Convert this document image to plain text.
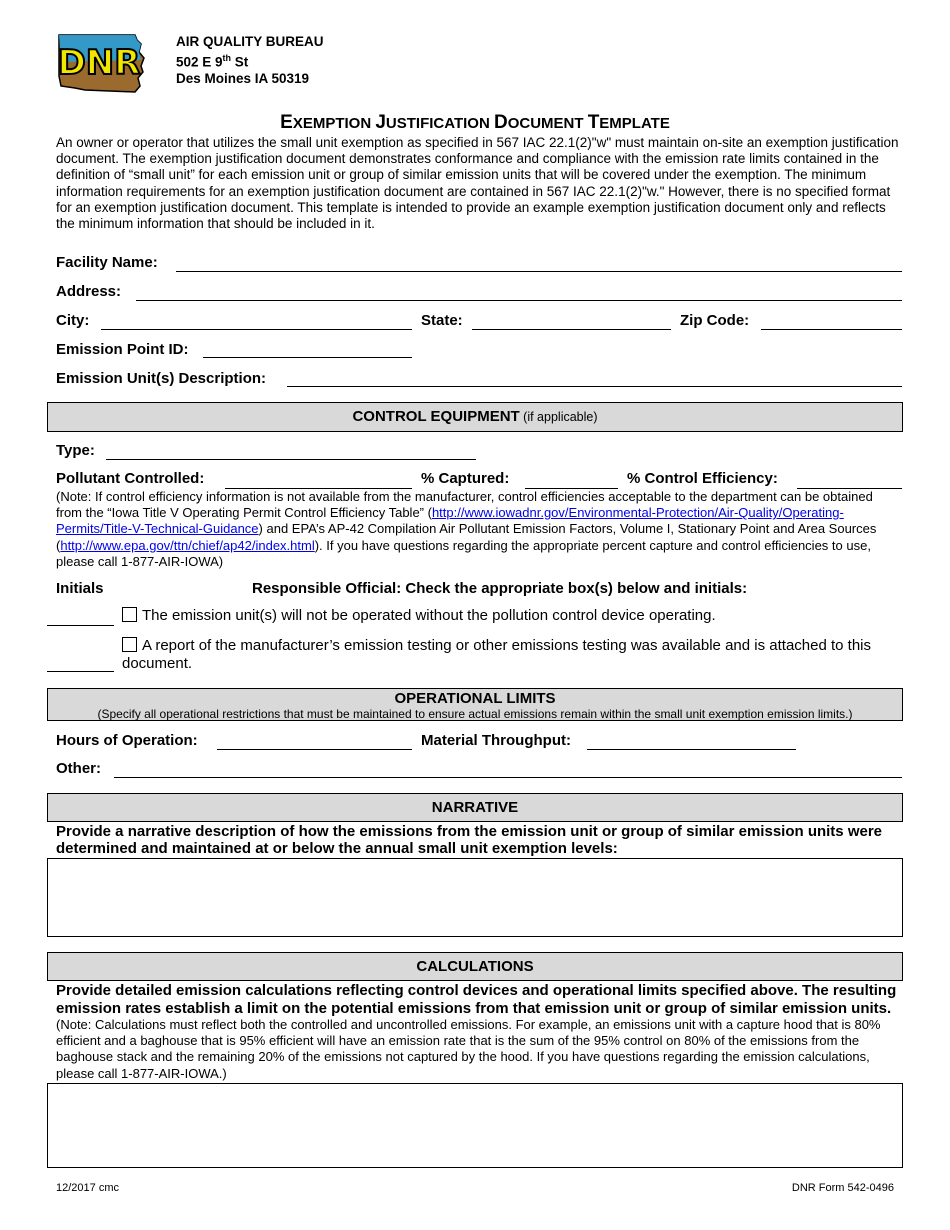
DNR
AIR QUALITY BUREAU
502 E 9th St
Des Moines IA 50319
EXEMPTION JUSTIFICATION DOCUMENT TEMPLATE
An owner or operator that utilizes the small unit exemption as specified in 567 IAC 22.1(2)"w" must maintain on-site an exemption justification document. The exemption justification document demonstrates conformance and compliance with the emission rate limits contained in the definition of “small unit” for each emission unit or group of similar emission units that will be covered under the exemption. The minimum information requirements for an exemption justification document are contained in 567 IAC 22.1(2)"w." However, there is no specified format for an exemption justification document. This template is intended to provide an example exemption justification document only and reflects the minimum information that should be included in it.
Facility Name:
Address:
City:	State:	Zip Code:
Emission Point ID:
Emission Unit(s) Description:
CONTROL EQUIPMENT (if applicable)
Type:
Pollutant Controlled:	% Captured:	% Control Efficiency:
(Note: If control efficiency information is not available from the manufacturer, control efficiencies acceptable to the department can be obtained from the “Iowa Title V Operating Permit Control Efficiency Table” (http://www.iowadnr.gov/Environmental-Protection/Air-Quality/Operating-Permits/Title-V-Technical-Guidance) and EPA’s AP-42 Compilation Air Pollutant Emission Factors, Volume I, Stationary Point and Area Sources (http://www.epa.gov/ttn/chief/ap42/index.html). If you have questions regarding the appropriate percent capture and control efficiencies to use, please call 1-877-AIR-IOWA)
Initials	Responsible Official: Check the appropriate box(s) below and initials:
The emission unit(s) will not be operated without the pollution control device operating.
A report of the manufacturer’s emission testing or other emissions testing was available and is attached to this document.
OPERATIONAL LIMITS
(Specify all operational restrictions that must be maintained to ensure actual emissions remain within the small unit exemption emission limits.)
Hours of Operation:	Material Throughput:
Other:
NARRATIVE
Provide a narrative description of how the emissions from the emission unit or group of similar emission units were determined and maintained at or below the annual small unit exemption levels:
CALCULATIONS
Provide detailed emission calculations reflecting control devices and operational limits specified above. The resulting emission rates establish a limit on the potential emissions from that emission unit or group of similar emission units. (Note: Calculations must reflect both the controlled and uncontrolled emissions. For example, an emissions unit with a capture hood that is 80% efficient and a baghouse that is 95% efficient will have an emission rate that is the sum of the 95% control on 80% of the emissions from the baghouse stack and the remaining 20% of the emissions not captured by the hood. If you have questions regarding the emission calculations, please call 1-877-AIR-IOWA.)
12/2017 cmc	DNR Form 542-0496
